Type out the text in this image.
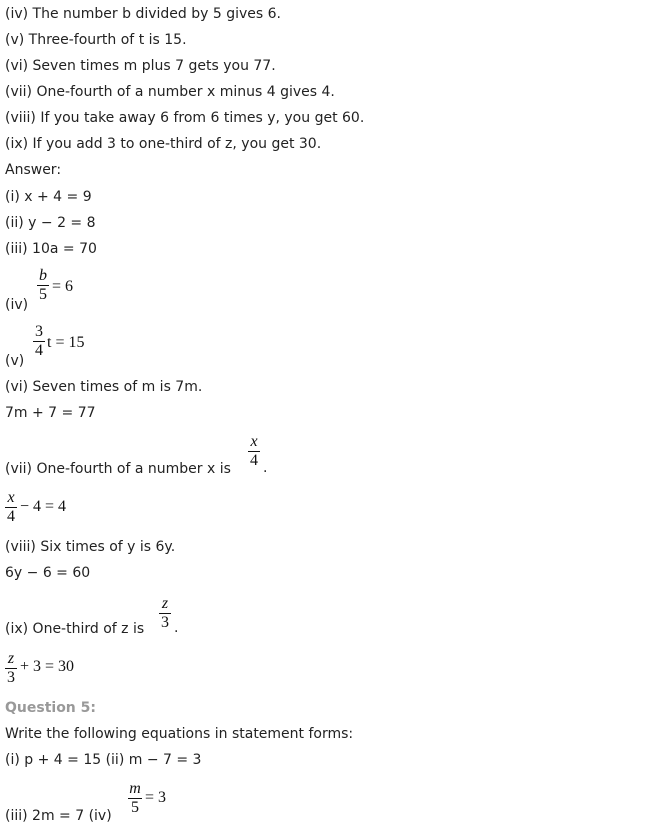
(iv) The number b divided by 5 gives 6.
(v) Three-fourth of t is 15.
(vi) Seven times m plus 7 gets you 77.
(vii) One-fourth of a number x minus 4 gives 4.
(viii) If you take away 6 from 6 times y, you get 60.
(ix) If you add 3 to one-third of z, you get 30.
Answer:
(i) x + 4 = 9
(ii) y − 2 = 8
(iii) 10a = 70
(iv)
b
5 = 6
(v)
3
4 t = 15
(vi) Seven times of m is 7m.
7m + 7 = 77
(vii) One-fourth of a number x is
x
4 .
x
4
− 4 = 4
(viii) Six times of y is 6y.
6y − 6 = 60
(ix) One-third of z is
z
3 .
z
3
+ 3 = 30
Question 5:
Write the following equations in statement forms:
(i) p + 4 = 15 (ii) m − 7 = 3
(iii) 2m = 7 (iv)
m
5
= 3
